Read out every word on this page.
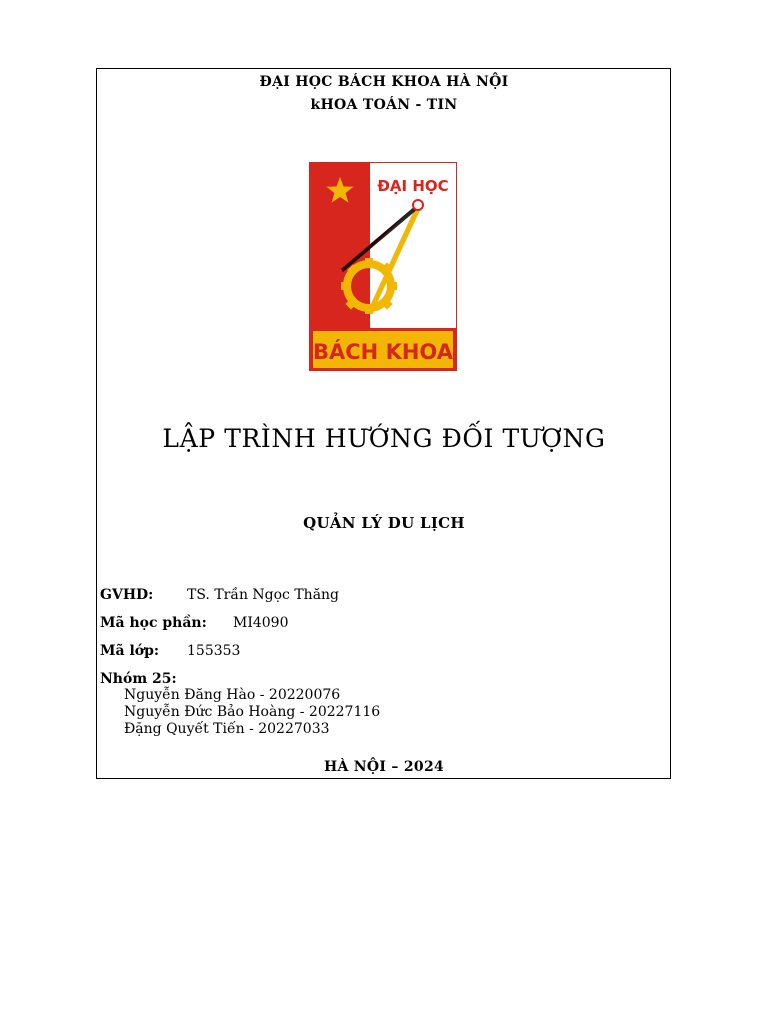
ĐẠI HỌC BÁCH KHOA HÀ NỘI
kHOA TOÁN - TIN
ĐẠI HỌC
BÁCH KHOA
LẬP TRÌNH HƯỚNG ĐỐI TƯỢNG
QUẢN LÝ DU LỊCH
GVHD: TS. Trần Ngọc Thăng
Mã học phần: MI4090
Mã lớp: 155353
Nhóm 25:
Nguyễn Đăng Hào - 20220076
Nguyễn Đức Bảo Hoàng - 20227116
Đặng Quyết Tiến - 20227033
HÀ NỘI – 2024
